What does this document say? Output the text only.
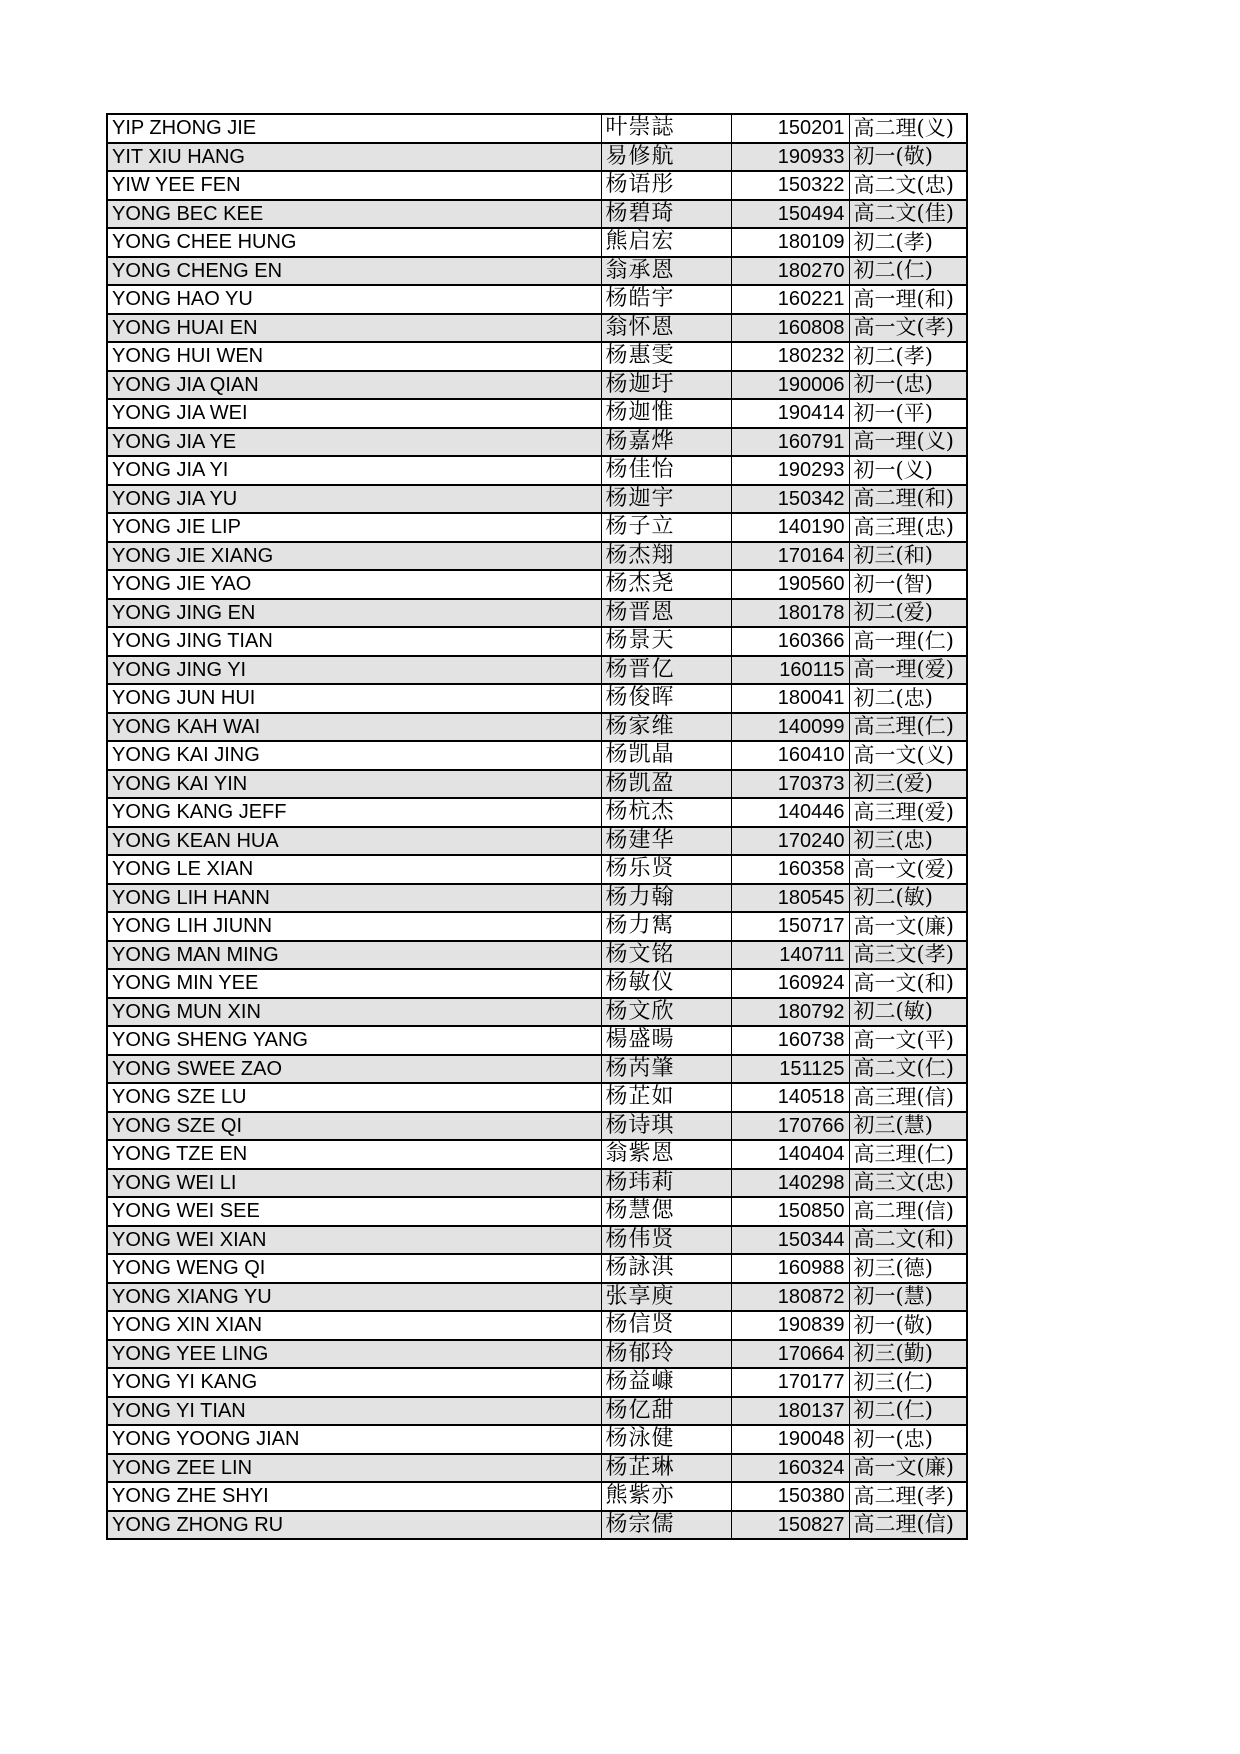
YIP ZHONG JIE	叶崇誌	150201	高二理(义)
YIT XIU HANG	易修航	190933	初一(敬)
YIW YEE FEN	杨语彤	150322	高二文(忠)
YONG BEC KEE	杨碧琦	150494	高二文(佳)
YONG CHEE HUNG	熊启宏	180109	初二(孝)
YONG CHENG EN	翁承恩	180270	初二(仁)
YONG HAO YU	杨皓宇	160221	高一理(和)
YONG HUAI EN	翁怀恩	160808	高一文(孝)
YONG HUI WEN	杨惠雯	180232	初二(孝)
YONG JIA QIAN	杨迦圩	190006	初一(忠)
YONG JIA WEI	杨迦惟	190414	初一(平)
YONG JIA YE	杨嘉烨	160791	高一理(义)
YONG JIA YI	杨佳怡	190293	初一(义)
YONG JIA YU	杨迦宇	150342	高二理(和)
YONG JIE LIP	杨子立	140190	高三理(忠)
YONG JIE XIANG	杨杰翔	170164	初三(和)
YONG JIE YAO	杨杰尧	190560	初一(智)
YONG JING EN	杨晋恩	180178	初二(爱)
YONG JING TIAN	杨景天	160366	高一理(仁)
YONG JING YI	杨晋亿	160115	高一理(爱)
YONG JUN HUI	杨俊晖	180041	初二(忠)
YONG KAH WAI	杨家维	140099	高三理(仁)
YONG KAI JING	杨凯晶	160410	高一文(义)
YONG KAI YIN	杨凯盈	170373	初三(爱)
YONG KANG JEFF	杨杭杰	140446	高三理(爱)
YONG KEAN HUA	杨建华	170240	初三(忠)
YONG LE XIAN	杨乐贤	160358	高一文(爱)
YONG LIH HANN	杨力翰	180545	初二(敏)
YONG LIH JIUNN	杨力寯	150717	高一文(廉)
YONG MAN MING	杨文铭	140711	高三文(孝)
YONG MIN YEE	杨敏仪	160924	高一文(和)
YONG MUN XIN	杨文欣	180792	初二(敏)
YONG SHENG YANG	楊盛暘	160738	高一文(平)
YONG SWEE ZAO	杨芮肇	151125	高二文(仁)
YONG SZE LU	杨芷如	140518	高三理(信)
YONG SZE QI	杨诗琪	170766	初三(慧)
YONG TZE EN	翁紫恩	140404	高三理(仁)
YONG WEI LI	杨玮莉	140298	高三文(忠)
YONG WEI SEE	杨慧偲	150850	高二理(信)
YONG WEI XIAN	杨伟贤	150344	高二文(和)
YONG WENG QI	杨詠淇	160988	初三(德)
YONG XIANG YU	张享庾	180872	初一(慧)
YONG XIN XIAN	杨信贤	190839	初一(敬)
YONG YEE LING	杨郁玲	170664	初三(勤)
YONG YI KANG	杨益嵻	170177	初三(仁)
YONG YI TIAN	杨亿甜	180137	初二(仁)
YONG YOONG JIAN	杨泳健	190048	初一(忠)
YONG ZEE LIN	杨芷琳	160324	高一文(廉)
YONG ZHE SHYI	熊紫亦	150380	高二理(孝)
YONG ZHONG RU	杨宗儒	150827	高二理(信)
